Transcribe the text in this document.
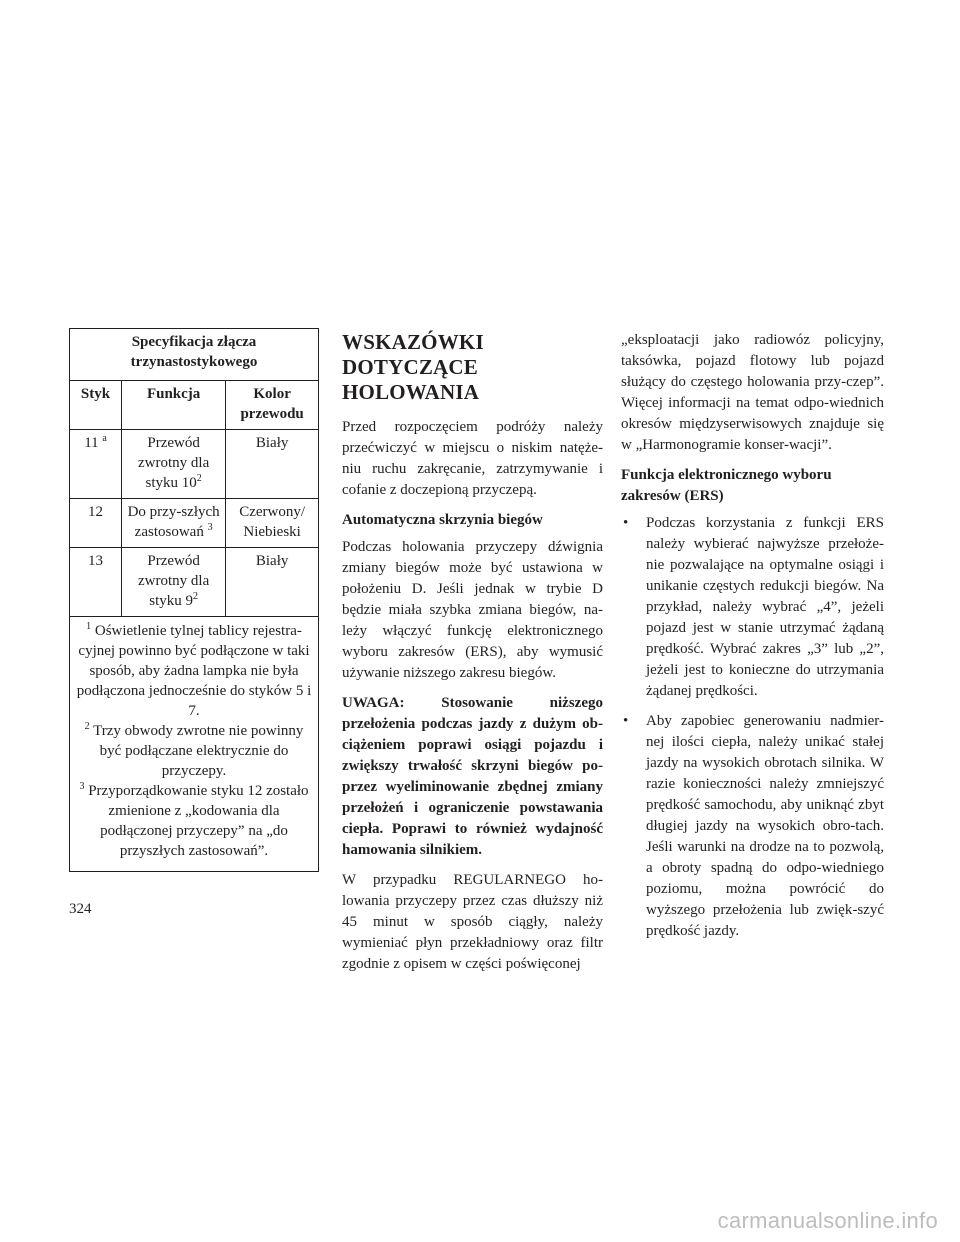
Specyfikacja złącza trzynastostykowego		
Styk	Funkcja	Kolor przewodu
11 $^a$	Przewód zwrotny dla styku $10^2$	Biały
12	Do przy-szłych zastosowań $^3$	Czerwony/ Niebieski
13	Przewód zwrotny dla styku $9^2$	Biały

$^1$ Oświetlenie tylnej tablicy rejestra-cyjnej powinno być podłączone w taki sposób, aby żadna lampka nie była podłączona jednocześnie do styków 5 i 7.
$^2$ Trzy obwody zwrotne nie powinny być podłączane elektrycznie do przyczepy.
$^3$ Przyporządkowanie styku 12 zostało zmienione z „kodowania dla podłączonej przyczepy” na „do przyszłych zastosowań”.		
WSKAZÓWKI DOTYCZĄCE HOLOWANIA

Przed rozpoczęciem podróży należy przećwiczyć w miejscu o niskim natęże-niu ruchu zakręcanie, zatrzymywanie i cofanie z doczepioną przyczepą.

Automatyczna skrzynia biegów

Podczas holowania przyczepy dźwignia zmiany biegów może być ustawiona w położeniu D. Jeśli jednak w trybie D będzie miała szybka zmiana biegów, na-leży włączyć funkcję elektronicznego wyboru zakresów (ERS), aby wymusić używanie niższego zakresu biegów.

UWAGA: Stosowanie niższego przełożenia podczas jazdy z dużym ob-ciążeniem poprawi osiągi pojazdu i zwiększy trwałość skrzyni biegów po-przez wyeliminowanie zbędnej zmiany przełożeń i ograniczenie powstawania ciepła. Poprawi to również wydajność hamowania silnikiem.

W przypadku REGULARNEGO ho-lowania przyczepy przez czas dłuższy niż 45 minut w sposób ciągły, należy wymieniać płyn przekładniowy oraz filtr zgodnie z opisem w części poświęconej

„eksploatacji jako radiowóz policyjny, taksówka, pojazd flotowy lub pojazd służący do częstego holowania przy-czep”. Więcej informacji na temat odpo-wiednich okresów międzyserwisowych znajduje się w „Harmonogramie konser-wacji”.

Funkcja elektronicznego wyboru zakresów (ERS)
• Podczas korzystania z funkcji ERS należy wybierać najwyższe przełoże-nie pozwalające na optymalne osiągi i unikanie częstych redukcji biegów. Na przykład, należy wybrać „4”, jeżeli pojazd jest w stanie utrzymać żądaną prędkość. Wybrać zakres „3” lub „2”, jeżeli jest to konieczne do utrzymania żądanej prędkości.
• Aby zapobiec generowaniu nadmier-nej ilości ciepła, należy unikać stałej jazdy na wysokich obrotach silnika. W razie konieczności należy zmniejszyć prędkość samochodu, aby uniknąć zbyt długiej jazdy na wysokich obro-tach. Jeśli warunki na drodze na to pozwolą, a obroty spadną do odpo-wiedniego poziomu, można powrócić do wyższego przełożenia lub zwięk-szyć prędkość jazdy.
324
carmanualsonline.info
